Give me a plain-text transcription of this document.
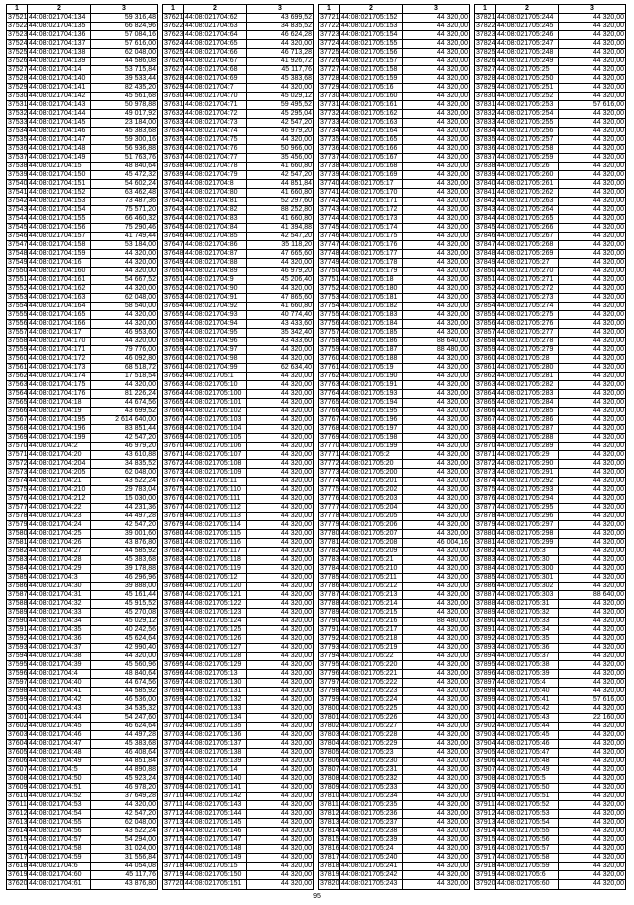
1	2	3
37521 44:08:021704:134	59 316,48
37522 44:08:021704:135	66 824,96
37523 44:08:021704:136	57 084,16
37524 44:08:021704:137	57 616,00
37525 44:08:021704:138	62 048,00
37526 44:08:021704:139	44 586,08
37527 44:08:021704:14	53 715,84
37528 44:08:021704:140	39 533,44
37529 44:08:021704:141	82 435,20
37530 44:08:021704:142	45 561,68
37531 44:08:021704:143	50 978,88
37532 44:08:021704:144	49 017,92
37533 44:08:021704:145	23 184,00
37534 44:08:021704:146	45 383,68
37535 44:08:021704:147	59 300,16
37536 44:08:021704:148	56 936,88
37537 44:08:021704:149	51 763,76
37538 44:08:021704:15	48 840,64
37539 44:08:021704:150	45 472,32
37540 44:08:021704:151	54 602,24
37541 44:08:021704:152	63 462,48
37542 44:08:021704:153	73 487,36
37543 44:08:021704:154	75 571,20
37544 44:08:021704:155	66 460,32
37545 44:08:021704:156	75 290,46
37546 44:08:021704:157	41 749,44
37547 44:08:021704:158	53 184,00
37548 44:08:021704:159	44 320,00
37549 44:08:021704:16	44 320,00
37550 44:08:021704:160	44 320,00
37551 44:08:021704:161	54 667,52
37552 44:08:021704:162	44 320,00
37553 44:08:021704:163	62 048,00
37554 44:08:021704:164	58 540,00
37555 44:08:021704:165	44 320,00
37556 44:08:021704:166	44 320,00
37557 44:08:021704:17	46 953,60
37558 44:08:021704:170	44 320,00
37559 44:08:021704:171	79 776,00
37560 44:08:021704:172	46 092,80
37561 44:08:021704:173	68 518,72
37562 44:08:021704:174	17 518,54
37563 44:08:021704:175	44 320,00
37564 44:08:021704:176	81 226,24
37565 44:08:021704:18	44 674,56
37566 44:08:021704:19	43 699,52
37567 44:08:021704:195	2 614 640,00
37568 44:08:021704:196	83 851,44
37569 44:08:021704:199	42 547,20
37570 44:08:021704:2	46 979,20
37571 44:08:021704:20	43 610,88
37572 44:08:021704:204	34 835,52
37573 44:08:021704:205	62 048,00
37574 44:08:021704:21	43 522,24
37575 44:08:021704:210	29 783,04
37576 44:08:021704:212	15 030,00
37577 44:08:021704:22	44 231,36
37578 44:08:021704:23	44 497,28
37579 44:08:021704:24	42 547,20
37580 44:08:021704:25	39 001,60
37581 44:08:021704:26	43 876,80
37582 44:08:021704:27	44 585,92
37583 44:08:021704:28	45 383,68
37584 44:08:021704:29	39 178,88
37585 44:08:021704:3	46 296,96
37586 44:08:021704:30	39 888,00
37587 44:08:021704:31	45 161,44
37588 44:08:021704:32	45 915,52
37589 44:08:021704:33	45 270,08
37590 44:08:021704:34	45 029,12
37591 44:08:021704:35	40 242,56
37592 44:08:021704:36	45 624,64
37593 44:08:021704:37	42 990,40
37594 44:08:021704:38	44 320,00
37595 44:08:021704:39	45 560,96
37596 44:08:021704:4	48 840,64
37597 44:08:021704:40	44 674,56
37598 44:08:021704:41	44 585,92
37599 44:08:021704:42	46 536,00
37600 44:08:021704:43	34 535,32
37601 44:08:021704:44	54 247,60
37602 44:08:021704:45	46 624,64
37603 44:08:021704:46	44 497,28
37604 44:08:021704:47	45 383,68
37605 44:08:021704:48	46 408,64
37606 44:08:021704:49	44 851,84
37607 44:08:021704:5	44 890,88
37608 44:08:021704:50	45 923,24
37609 44:08:021704:51	46 978,20
37610 44:08:021704:52	37 649,28
37611 44:08:021704:53	44 320,00
37612 44:08:021704:54	42 547,20
37613 44:08:021704:55	62 048,00
37614 44:08:021704:56	43 522,24
37615 44:08:021704:57	54 294,00
37616 44:08:021704:58	31 024,00
37617 44:08:021704:59	31 556,84
37618 44:08:021704:6	44 054,08
37619 44:08:021704:60	45 117,76
37620 44:08:021704:61	43 876,80
1	2	3
37621 44:08:021704:62	43 699,52
37622 44:08:021704:63	34 835,52
37623 44:08:021704:64	46 624,28
37624 44:08:021704:65	44 320,00
37625 44:08:021704:66	46 713,28
37626 44:08:021704:67	41 926,72
37627 44:08:021704:68	45 117,76
37628 44:08:021704:69	45 383,68
37629 44:08:021704:7	44 320,00
37630 44:08:021704:70	45 029,12
37631 44:08:021704:71	59 495,52
37632 44:08:021704:72	45 295,04
37633 44:08:021704:73	42 547,20
37634 44:08:021704:74	46 979,20
37635 44:08:021704:75	44 320,00
37636 44:08:021704:76	50 966,00
37637 44:08:021704:77	35 456,00
37638 44:08:021704:78	41 660,80
37639 44:08:021704:79	42 547,20
37640 44:08:021704:8	44 851,84
37641 44:08:021704:80	41 660,80
37642 44:08:021704:81	52 297,60
37643 44:08:021704:82	88 252,80
37644 44:08:021704:83	41 660,80
37645 44:08:021704:84	41 394,88
37646 44:08:021704:85	42 547,20
37647 44:08:021704:86	35 118,20
37648 44:08:021704:87	47 665,60
37649 44:08:021704:88	44 320,00
37650 44:08:021704:89	46 979,20
37651 44:08:021704:9	45 206,40
37652 44:08:021704:90	44 320,00
37653 44:08:021704:91	47 865,60
37654 44:08:021704:92	41 660,80
37655 44:08:021704:93	40 774,40
37656 44:08:021704:94	43 433,60
37657 44:08:021704:95	35 342,40
37658 44:08:021704:96	43 433,60
37659 44:08:021704:97	44 320,00
37660 44:08:021704:98	44 320,00
37661 44:08:021704:99	62 634,40
37662 44:08:021705:1	44 320,00
37663 44:08:021705:10	44 320,00
37664 44:08:021705:100	44 320,00
37665 44:08:021705:101	44 320,00
37666 44:08:021705:102	44 320,00
37667 44:08:021705:103	44 320,00
37668 44:08:021705:104	44 320,00
37669 44:08:021705:105	44 320,00
37670 44:08:021705:106	44 320,00
37671 44:08:021705:107	44 320,00
37672 44:08:021705:108	44 320,00
37673 44:08:021705:109	44 320,00
37674 44:08:021705:11	44 320,00
37675 44:08:021705:110	44 320,00
37676 44:08:021705:111	44 320,00
37677 44:08:021705:112	44 320,00
37678 44:08:021705:113	44 320,00
37679 44:08:021705:114	44 320,00
37680 44:08:021705:115	44 320,00
37681 44:08:021705:116	44 320,00
37682 44:08:021705:117	44 320,00
37683 44:08:021705:118	44 320,00
37684 44:08:021705:119	44 320,00
37685 44:08:021705:12	44 320,00
37686 44:08:021705:120	44 320,00
37687 44:08:021705:121	44 320,00
37688 44:08:021705:122	44 320,00
37689 44:08:021705:123	44 320,00
37690 44:08:021705:124	44 320,00
37691 44:08:021705:125	44 320,00
37692 44:08:021705:126	44 320,00
37693 44:08:021705:127	44 320,00
37694 44:08:021705:128	44 320,00
37695 44:08:021705:129	44 320,00
37696 44:08:021705:13	44 320,00
37697 44:08:021705:130	44 320,00
37698 44:08:021705:131	44 320,00
37699 44:08:021705:132	44 320,00
37700 44:08:021705:133	44 320,00
37701 44:08:021705:134	44 320,00
37702 44:08:021705:135	44 320,00
37703 44:08:021705:136	44 320,00
37704 44:08:021705:137	44 320,00
37705 44:08:021705:138	44 320,00
37706 44:08:021705:139	44 320,00
37707 44:08:021705:14	44 320,00
37708 44:08:021705:140	44 320,00
37709 44:08:021705:141	44 320,00
37710 44:08:021705:142	44 320,00
37711 44:08:021705:143	44 320,00
37712 44:08:021705:144	44 320,00
37713 44:08:021705:145	44 320,00
37714 44:08:021705:146	44 320,00
37715 44:08:021705:147	44 320,00
37716 44:08:021705:148	44 320,00
37717 44:08:021705:149	44 320,00
37718 44:08:021705:15	44 320,00
37719 44:08:021705:150	44 320,00
37720 44:08:021705:151	44 320,00
1	2	3
37721 44:08:021705:152	44 320,00
37722 44:08:021705:153	44 320,00
37723 44:08:021705:154	44 320,00
37724 44:08:021705:155	44 320,00
37725 44:08:021705:156	44 320,00
37726 44:08:021705:157	44 320,00
37727 44:08:021705:158	44 320,00
37728 44:08:021705:159	44 320,00
37729 44:08:021705:16	44 320,00
37730 44:08:021705:160	44 320,00
37731 44:08:021705:161	44 320,00
37732 44:08:021705:162	44 320,00
37733 44:08:021705:163	44 320,00
37734 44:08:021705:164	44 320,00
37735 44:08:021705:165	44 320,00
37736 44:08:021705:166	44 320,00
37737 44:08:021705:167	44 320,00
37738 44:08:021705:168	44 320,00
37739 44:08:021705:169	44 320,00
37740 44:08:021705:17	44 320,00
37741 44:08:021705:170	44 320,00
37742 44:08:021705:171	44 320,00
37743 44:08:021705:172	44 320,00
37744 44:08:021705:173	44 320,00
37745 44:08:021705:174	44 320,00
37746 44:08:021705:175	44 320,00
37747 44:08:021705:176	44 320,00
37748 44:08:021705:177	44 320,00
37749 44:08:021705:178	44 320,00
37750 44:08:021705:179	44 320,00
37751 44:08:021705:18	44 320,00
37752 44:08:021705:180	44 320,00
37753 44:08:021705:181	44 320,00
37754 44:08:021705:182	44 320,00
37755 44:08:021705:183	44 320,00
37756 44:08:021705:184	44 320,00
37757 44:08:021705:185	44 320,00
37758 44:08:021705:186	88 640,00
37759 44:08:021705:187	88 480,00
37760 44:08:021705:188	44 320,00
37761 44:08:021705:19	44 320,00
37762 44:08:021705:190	44 320,00
37763 44:08:021705:191	44 320,00
37764 44:08:021705:193	44 320,00
37765 44:08:021705:194	44 320,00
37766 44:08:021705:195	44 320,00
37767 44:08:021705:196	44 320,00
37768 44:08:021705:197	44 320,00
37769 44:08:021705:198	44 320,00
37770 44:08:021705:199	44 320,00
37771 44:08:021705:2	44 320,00
37772 44:08:021705:20	44 320,00
37773 44:08:021705:200	44 320,00
37774 44:08:021705:201	44 320,00
37775 44:08:021705:202	44 320,00
37776 44:08:021705:203	44 320,00
37777 44:08:021705:204	44 320,00
37778 44:08:021705:205	44 320,00
37779 44:08:021705:206	44 320,00
37780 44:08:021705:207	44 320,00
37781 44:08:021705:208	46 004,16
37782 44:08:021705:209	44 320,00
37783 44:08:021705:21	44 320,00
37784 44:08:021705:210	44 320,00
37785 44:08:021705:211	44 320,00
37786 44:08:021705:212	44 320,00
37787 44:08:021705:213	44 320,00
37788 44:08:021705:214	44 320,00
37789 44:08:021705:215	44 320,00
37790 44:08:021705:216	88 480,00
37791 44:08:021705:217	44 320,00
37792 44:08:021705:218	44 320,00
37793 44:08:021705:219	44 320,00
37794 44:08:021705:22	44 320,00
37795 44:08:021705:220	44 320,00
37796 44:08:021705:221	44 320,00
37797 44:08:021705:222	44 320,00
37798 44:08:021705:223	44 320,00
37799 44:08:021705:224	44 320,00
37800 44:08:021705:225	44 320,00
37801 44:08:021705:226	44 320,00
37802 44:08:021705:227	44 320,00
37803 44:08:021705:228	44 320,00
37804 44:08:021705:229	44 320,00
37805 44:08:021705:23	44 320,00
37806 44:08:021705:230	44 320,00
37807 44:08:021705:231	44 320,00
37808 44:08:021705:232	44 320,00
37809 44:08:021705:233	44 320,00
37810 44:08:021705:234	44 320,00
37811 44:08:021705:235	44 320,00
37812 44:08:021705:236	44 320,00
37813 44:08:021705:237	44 320,00
37814 44:08:021705:238	44 320,00
37815 44:08:021705:239	44 320,00
37816 44:08:021705:24	44 320,00
37817 44:08:021705:240	44 320,00
37818 44:08:021705:241	44 320,00
37819 44:08:021705:242	44 320,00
37820 44:08:021705:243	44 320,00
1	2	3
37821 44:08:021705:244	44 320,00
37822 44:08:021705:245	44 320,00
37823 44:08:021705:246	44 320,00
37824 44:08:021705:247	44 320,00
37825 44:08:021705:248	44 320,00
37826 44:08:021705:249	44 320,00
37827 44:08:021705:25	44 320,00
37828 44:08:021705:250	44 320,00
37829 44:08:021705:251	44 320,00
37830 44:08:021705:252	44 320,00
37831 44:08:021705:253	57 616,00
37832 44:08:021705:254	44 320,00
37833 44:08:021705:255	44 320,00
37834 44:08:021705:256	44 320,00
37835 44:08:021705:257	44 320,00
37836 44:08:021705:258	44 320,00
37837 44:08:021705:259	44 320,00
37838 44:08:021705:26	44 320,00
37839 44:08:021705:260	44 320,00
37840 44:08:021705:261	44 320,00
37841 44:08:021705:262	44 320,00
37842 44:08:021705:263	44 320,00
37843 44:08:021705:264	44 320,00
37844 44:08:021705:265	44 320,00
37845 44:08:021705:266	44 320,00
37846 44:08:021705:267	44 320,00
37847 44:08:021705:268	44 320,00
37848 44:08:021705:269	44 320,00
37849 44:08:021705:27	44 320,00
37850 44:08:021705:270	44 320,00
37851 44:08:021705:271	44 320,00
37852 44:08:021705:272	44 320,00
37853 44:08:021705:273	44 320,00
37854 44:08:021705:274	44 320,00
37855 44:08:021705:275	44 320,00
37856 44:08:021705:276	44 320,00
37857 44:08:021705:277	44 320,00
37858 44:08:021705:278	44 320,00
37859 44:08:021705:279	44 320,00
37860 44:08:021705:28	44 320,00
37861 44:08:021705:280	44 320,00
37862 44:08:021705:281	44 320,00
37863 44:08:021705:282	44 320,00
37864 44:08:021705:283	44 320,00
37865 44:08:021705:284	44 320,00
37866 44:08:021705:285	44 320,00
37867 44:08:021705:286	44 320,00
37868 44:08:021705:287	44 320,00
37869 44:08:021705:288	44 320,00
37870 44:08:021705:289	44 320,00
37871 44:08:021705:29	44 320,00
37872 44:08:021705:290	44 320,00
37873 44:08:021705:291	44 320,00
37874 44:08:021705:292	44 320,00
37875 44:08:021705:293	44 320,00
37876 44:08:021705:294	44 320,00
37877 44:08:021705:295	44 320,00
37878 44:08:021705:296	44 320,00
37879 44:08:021705:297	44 320,00
37880 44:08:021705:298	44 320,00
37881 44:08:021705:299	44 320,00
37882 44:08:021705:3	44 320,00
37883 44:08:021705:30	44 320,00
37884 44:08:021705:300	44 320,00
37885 44:08:021705:301	44 320,00
37886 44:08:021705:302	44 320,00
37887 44:08:021705:303	88 640,00
37888 44:08:021705:31	44 320,00
37889 44:08:021705:32	44 320,00
37890 44:08:021705:33	44 320,00
37891 44:08:021705:34	44 320,00
37892 44:08:021705:35	44 320,00
37893 44:08:021705:36	44 320,00
37894 44:08:021705:37	44 320,00
37895 44:08:021705:38	44 320,00
37896 44:08:021705:39	44 320,00
37897 44:08:021705:4	44 320,00
37898 44:08:021705:40	44 320,00
37899 44:08:021705:41	57 616,00
37900 44:08:021705:42	44 320,00
37901 44:08:021705:43	22 160,00
37902 44:08:021705:44	44 320,00
37903 44:08:021705:45	44 320,00
37904 44:08:021705:46	44 320,00
37905 44:08:021705:47	44 320,00
37906 44:08:021705:48	44 320,00
37907 44:08:021705:49	44 320,00
37908 44:08:021705:5	44 320,00
37909 44:08:021705:50	44 320,00
37910 44:08:021705:51	44 320,00
37911 44:08:021705:52	44 320,00
37912 44:08:021705:53	44 320,00
37913 44:08:021705:54	44 320,00
37914 44:08:021705:55	44 320,00
37915 44:08:021705:56	44 320,00
37916 44:08:021705:57	44 320,00
37917 44:08:021705:58	44 320,00
37918 44:08:021705:59	44 320,00
37919 44:08:021705:6	44 320,00
37920 44:08:021705:60	44 320,00
95
